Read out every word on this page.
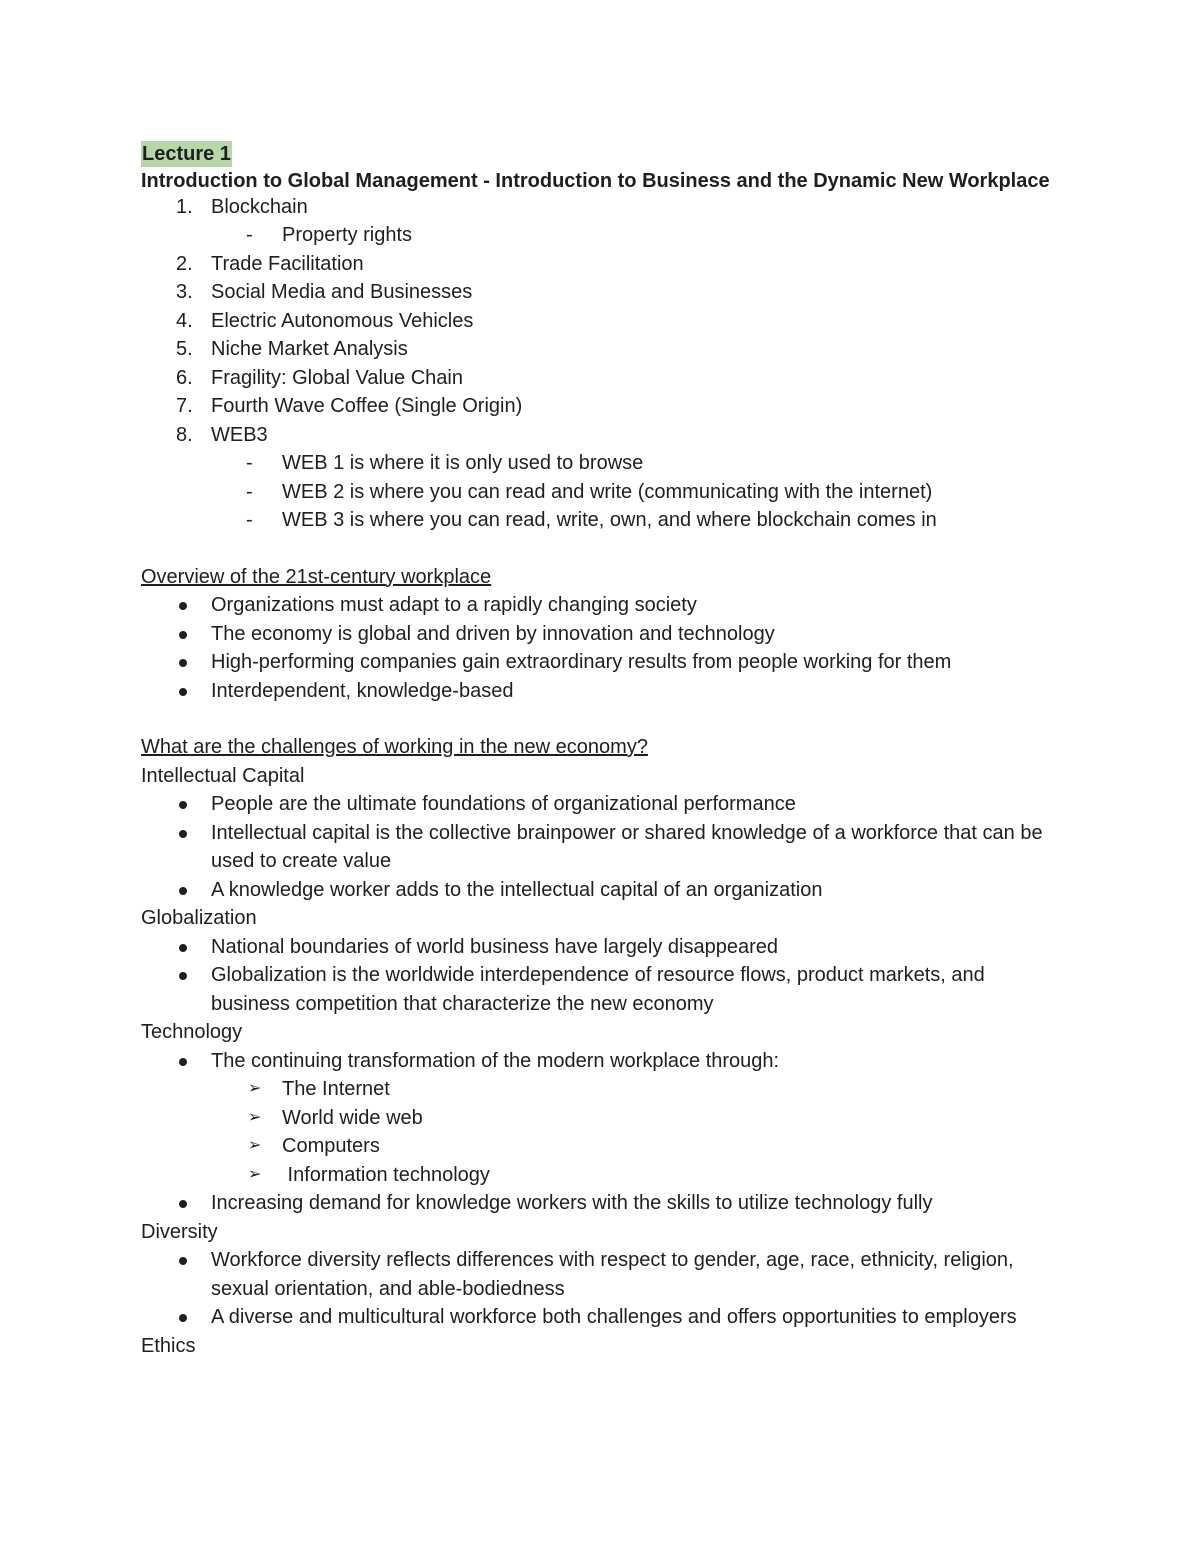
Lecture 1
Introduction to Global Management - Introduction to Business and the Dynamic New Workplace
1. Blockchain
- Property rights
2. Trade Facilitation
3. Social Media and Businesses
4. Electric Autonomous Vehicles
5. Niche Market Analysis
6. Fragility: Global Value Chain
7. Fourth Wave Coffee (Single Origin)
8. WEB3
- WEB 1 is where it is only used to browse
- WEB 2 is where you can read and write (communicating with the internet)
- WEB 3 is where you can read, write, own, and where blockchain comes in
Overview of the 21st-century workplace
Organizations must adapt to a rapidly changing society
The economy is global and driven by innovation and technology
High-performing companies gain extraordinary results from people working for them
Interdependent, knowledge-based
What are the challenges of working in the new economy?
Intellectual Capital
People are the ultimate foundations of organizational performance
Intellectual capital is the collective brainpower or shared knowledge of a workforce that can be used to create value
A knowledge worker adds to the intellectual capital of an organization
Globalization
National boundaries of world business have largely disappeared
Globalization is the worldwide interdependence of resource flows, product markets, and business competition that characterize the new economy
Technology
The continuing transformation of the modern workplace through:
➢ The Internet
➢ World wide web
➢ Computers
➢ Information technology
Increasing demand for knowledge workers with the skills to utilize technology fully
Diversity
Workforce diversity reflects differences with respect to gender, age, race, ethnicity, religion, sexual orientation, and able-bodiedness
A diverse and multicultural workforce both challenges and offers opportunities to employers
Ethics
